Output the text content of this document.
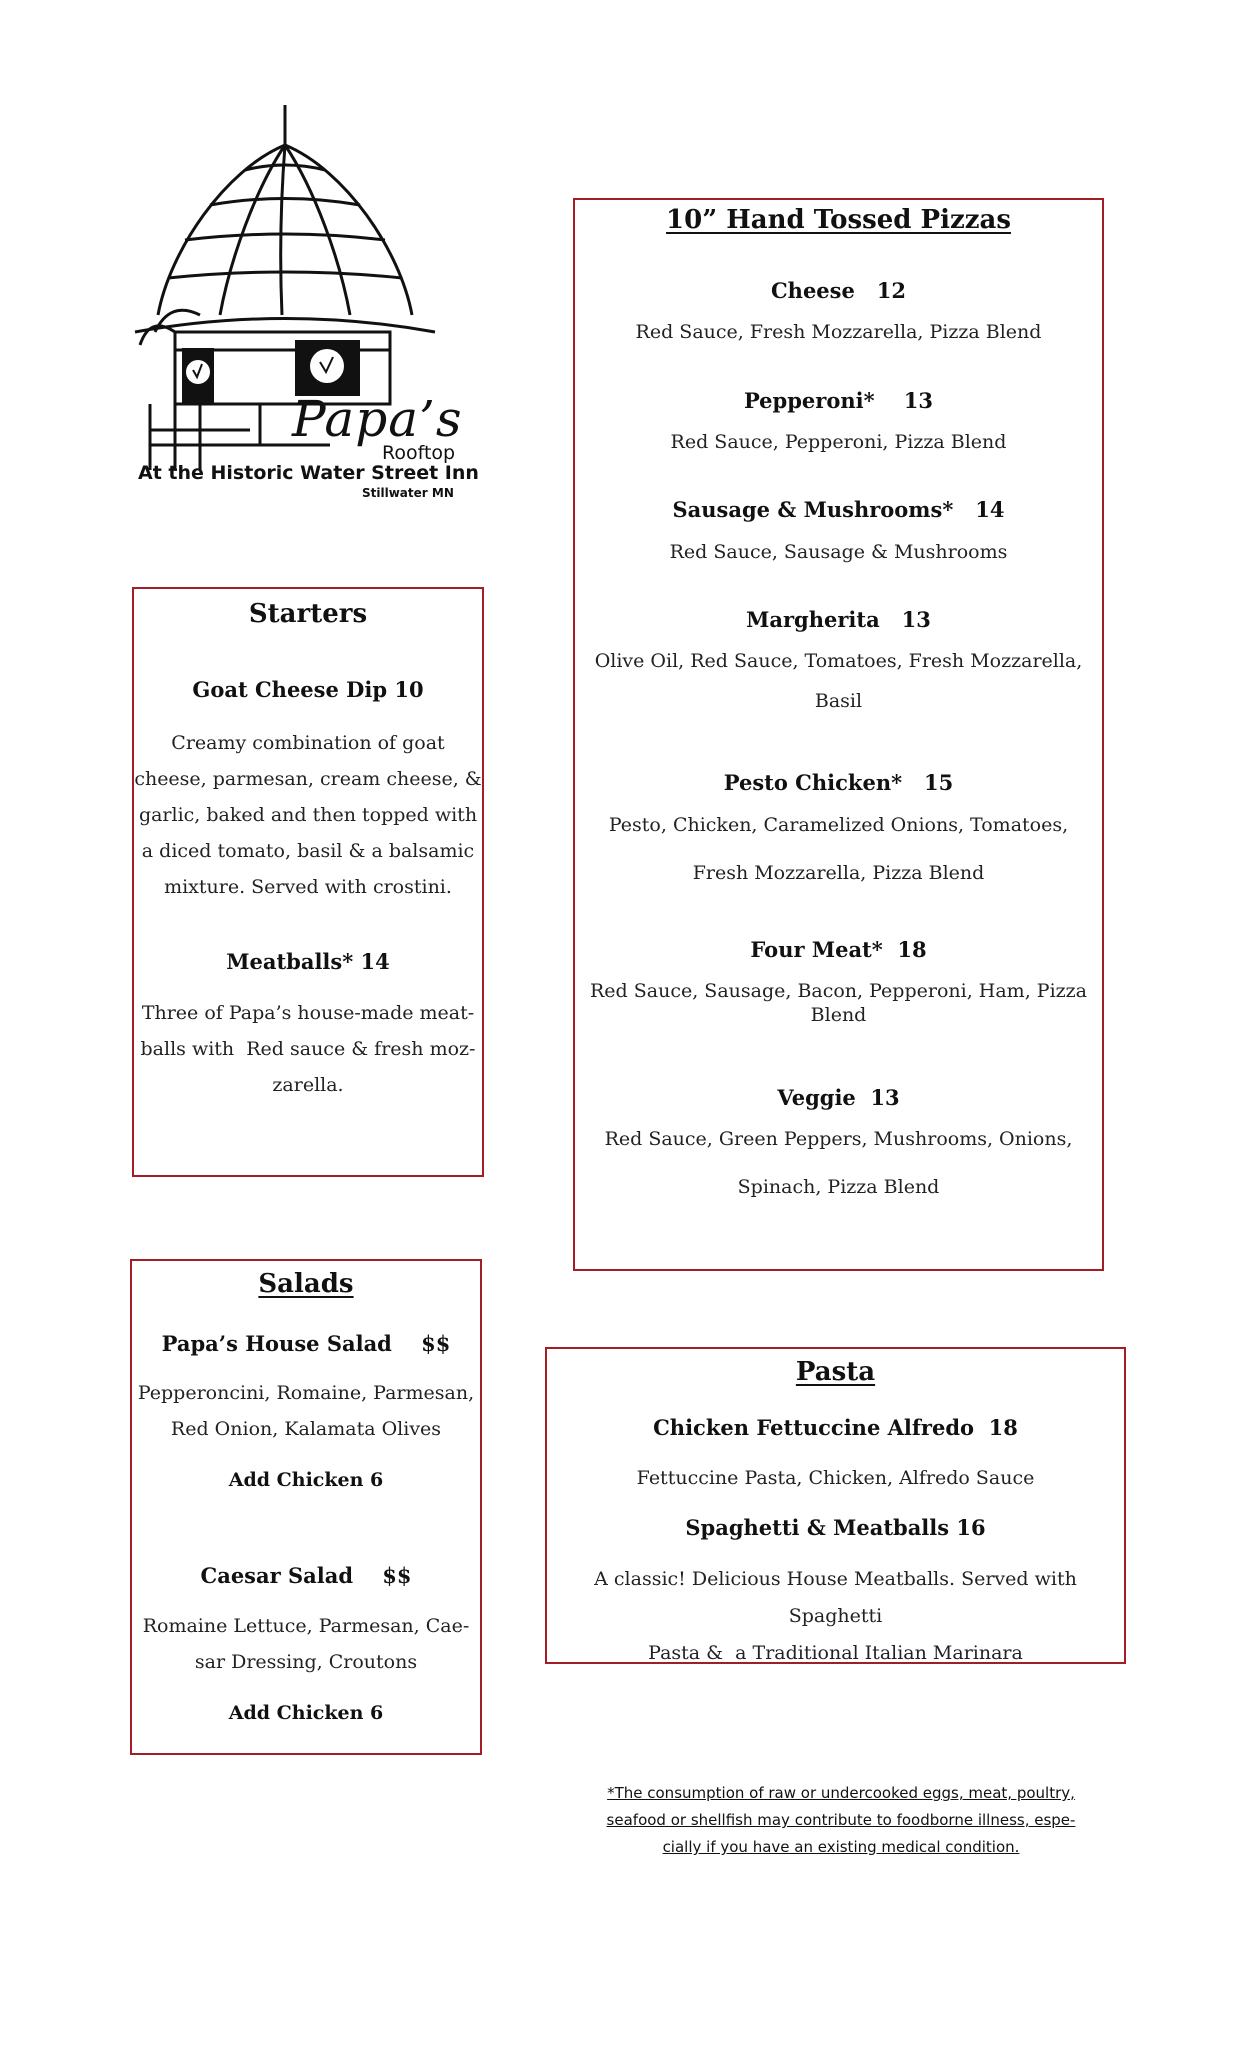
Papa’s

Rooftop

At the Historic Water Street Inn

Stillwater MN

10” Hand Tossed Pizzas

Cheese   12

Red Sauce, Fresh Mozzarella, Pizza Blend

Pepperoni*    13

Red Sauce, Pepperoni, Pizza Blend

Sausage & Mushrooms*   14

Red Sauce, Sausage & Mushrooms

Margherita   13

Olive Oil, Red Sauce, Tomatoes, Fresh Mozzarella,

Basil

Pesto Chicken*   15

Pesto, Chicken, Caramelized Onions, Tomatoes,

Fresh Mozzarella, Pizza Blend

Four Meat*  18

Red Sauce, Sausage, Bacon, Pepperoni, Ham, Pizza

Blend

Veggie  13

Red Sauce, Green Peppers, Mushrooms, Onions,

Spinach, Pizza Blend

Starters

Goat Cheese Dip 10

Creamy combination of goat

cheese, parmesan, cream cheese, &

garlic, baked and then topped with

a diced tomato, basil & a balsamic

mixture. Served with crostini.

Meatballs* 14

Three of Papa’s house-made meat-

balls with  Red sauce & fresh moz-

zarella.

Salads

Papa’s House Salad    $$

Pepperoncini, Romaine, Parmesan,

Red Onion, Kalamata Olives

Add Chicken 6

Caesar Salad    $$

Romaine Lettuce, Parmesan, Cae-

sar Dressing, Croutons

Add Chicken 6

Pasta

Chicken Fettuccine Alfredo  18

Fettuccine Pasta, Chicken, Alfredo Sauce

Spaghetti & Meatballs 16

A classic! Delicious House Meatballs. Served with Spaghetti

Pasta &  a Traditional Italian Marinara

*The consumption of raw or undercooked eggs, meat, poultry,
seafood or shellfish may contribute to foodborne illness, espe-
cially if you have an existing medical condition.
